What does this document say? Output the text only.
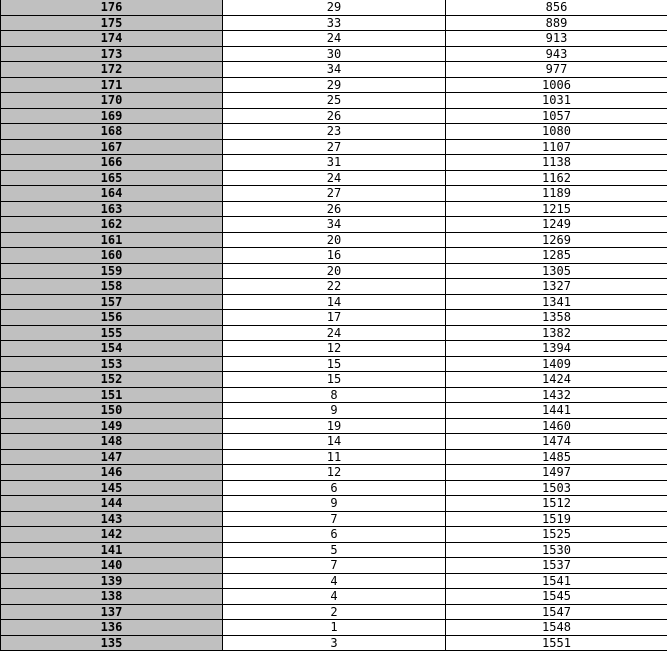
176	29	856
175	33	889
174	24	913
173	30	943
172	34	977
171	29	1006
170	25	1031
169	26	1057
168	23	1080
167	27	1107
166	31	1138
165	24	1162
164	27	1189
163	26	1215
162	34	1249
161	20	1269
160	16	1285
159	20	1305
158	22	1327
157	14	1341
156	17	1358
155	24	1382
154	12	1394
153	15	1409
152	15	1424
151	8	1432
150	9	1441
149	19	1460
148	14	1474
147	11	1485
146	12	1497
145	6	1503
144	9	1512
143	7	1519
142	6	1525
141	5	1530
140	7	1537
139	4	1541
138	4	1545
137	2	1547
136	1	1548
135	3	1551
